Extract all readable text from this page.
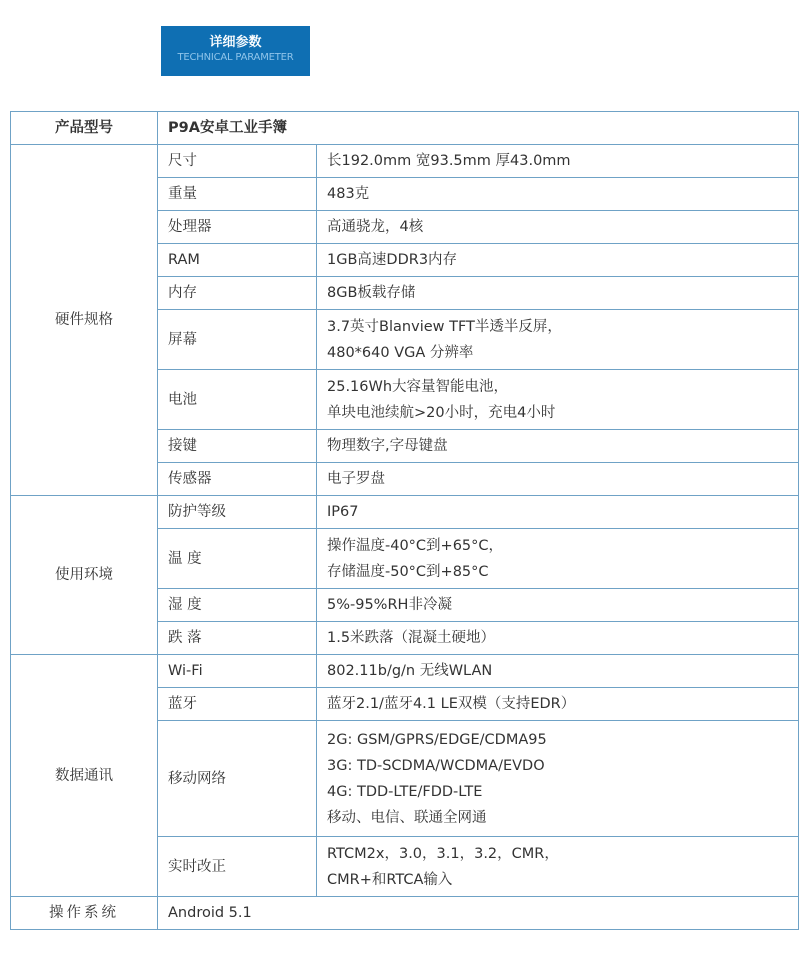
详细参数
TECHNICAL PARAMETER
产品型号	P9A安卓工业手簿	
硬件规格	尺寸	长192.0mm 宽93.5mm 厚43.0mm

	重量	483克

	处理器	高通骁龙，4核

	RAM	1GB高速DDR3内存

	内存	8GB板载存储

	屏幕	3.7英寸Blanview TFT半透半反屏，
480*640 VGA 分辨率

	电池	25.16Wh大容量智能电池，
单块电池续航>20小时，充电4小时

	接键	物理数字,字母键盘

	传感器	电子罗盘

使用环境	防护等级	IP67

	温 度	操作温度-40°C到+65°C，
存储温度-50°C到+85°C

	湿 度	5%-95%RH非冷凝

	跌 落	1.5米跌落（混凝土硬地）

数据通讯	Wi-Fi	802.11b/g/n 无线WLAN

	蓝牙	蓝牙2.1/蓝牙4.1 LE双模（支持EDR）

	移动网络	2G: GSM/GPRS/EDGE/CDMA95
3G: TD-SCDMA/WCDMA/EVDO
4G: TDD-LTE/FDD-LTE
移动、电信、联通全网通

	实时改正	RTCM2x，3.0，3.1，3.2，CMR，
CMR+和RTCA输入

操作系统	Android 5.1	
